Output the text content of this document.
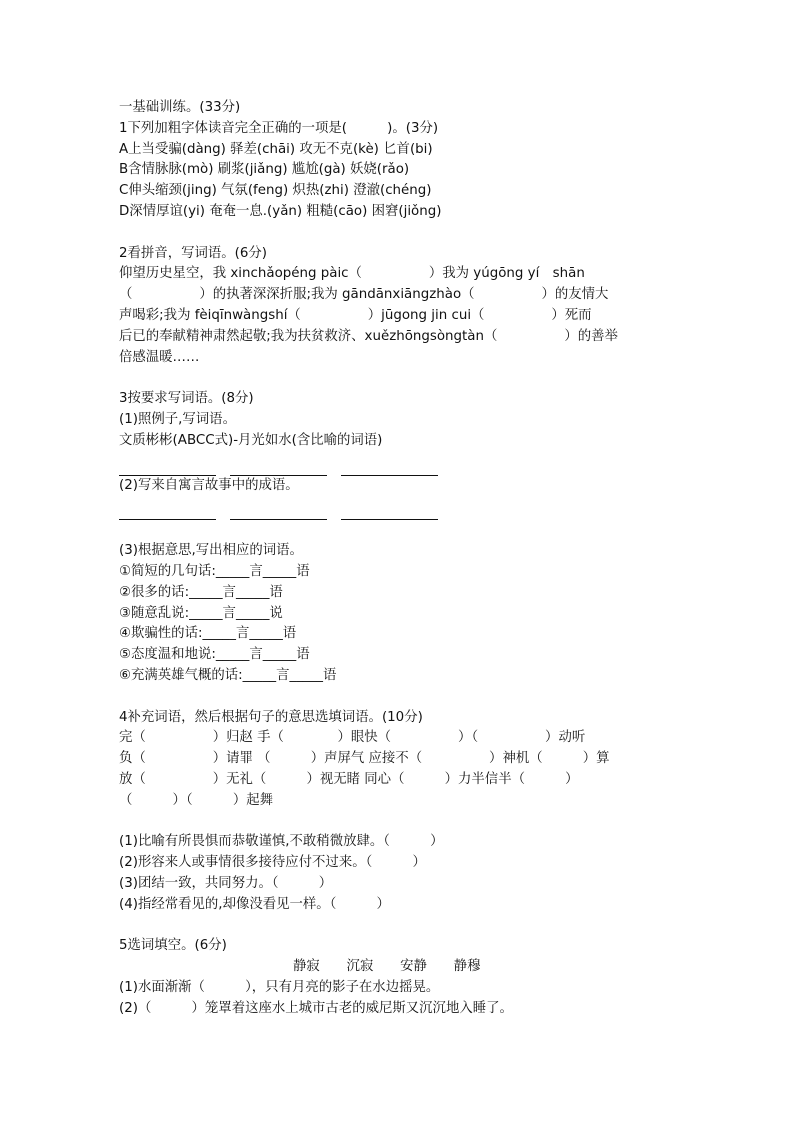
一基础训练。(33分)
1下列加粗字体读音完全正确的一项是(　　　)。(3分)
A上当受骗(dàng) 驿差(chāi) 攻无不克(kè) 匕首(bi)
B含情脉脉(mò) 刷浆(jiǎng) 尴尬(gà) 妖娆(rǎo)
C伸头缩颈(jing) 气氛(feng) 炽热(zhi) 澄澈(chéng)
D深情厚谊(yi) 奄奄一息.(yǎn) 粗糙(cāo) 困窘(jiǒng)
2看拼音，写词语。(6分)
仰望历史星空，我 xinchǎopéng pàic（　　　　　）我为 yúgōng yí　shān
（　　　　　）的执著深深折服;我为 gāndānxiāngzhào（　　　　　）的友情大
声喝彩;我为 fèiqīnwàngshí（　　　　　）jūgong jin cui（　　　　　）死而
后已的奉献精神肃然起敬;我为扶贫救济、xuězhōngsòngtàn（　　　　　）的善举
倍感温暖……
3按要求写词语。(8分)
(1)照例子,写词语。
文质彬彬(ABCC式)-月光如水(含比喻的词语)
(2)写来自寓言故事中的成语。
(3)根据意思,写出相应的词语。
①简短的几句话:_____言_____语
②很多的话:_____言_____语
③随意乱说:_____言_____说
④欺骗性的话:_____言_____语
⑤态度温和地说:_____言_____语
⑥充满英雄气概的话:_____言_____语
4补充词语，然后根据句子的意思选填词语。(10分)
完（　　　　　）归赵 手（　　　　）眼快（　　　　　）（　　　　　）动听
负（　　　　　）请罪 （　　　）声屏气 应接不（　　　　　）神机（　　　）算
放（　　　　　）无礼（　　　）视无睹 同心（　　　）力半信半（　　　）
（　　　）（　　　）起舞
(1)比喻有所畏惧而恭敬谨慎,不敢稍微放肆。（　　　）
(2)形容来人或事情很多接待应付不过来。（　　　）
(3)团结一致，共同努力。（　　　）
(4)指经常看见的,却像没看见一样。（　　　）
5选词填空。(6分)
静寂　　沉寂　　安静　　静穆
(1)水面渐渐（　　　），只有月亮的影子在水边摇晃。
(2)（　　　）笼罩着这座水上城市古老的威尼斯又沉沉地入睡了。
